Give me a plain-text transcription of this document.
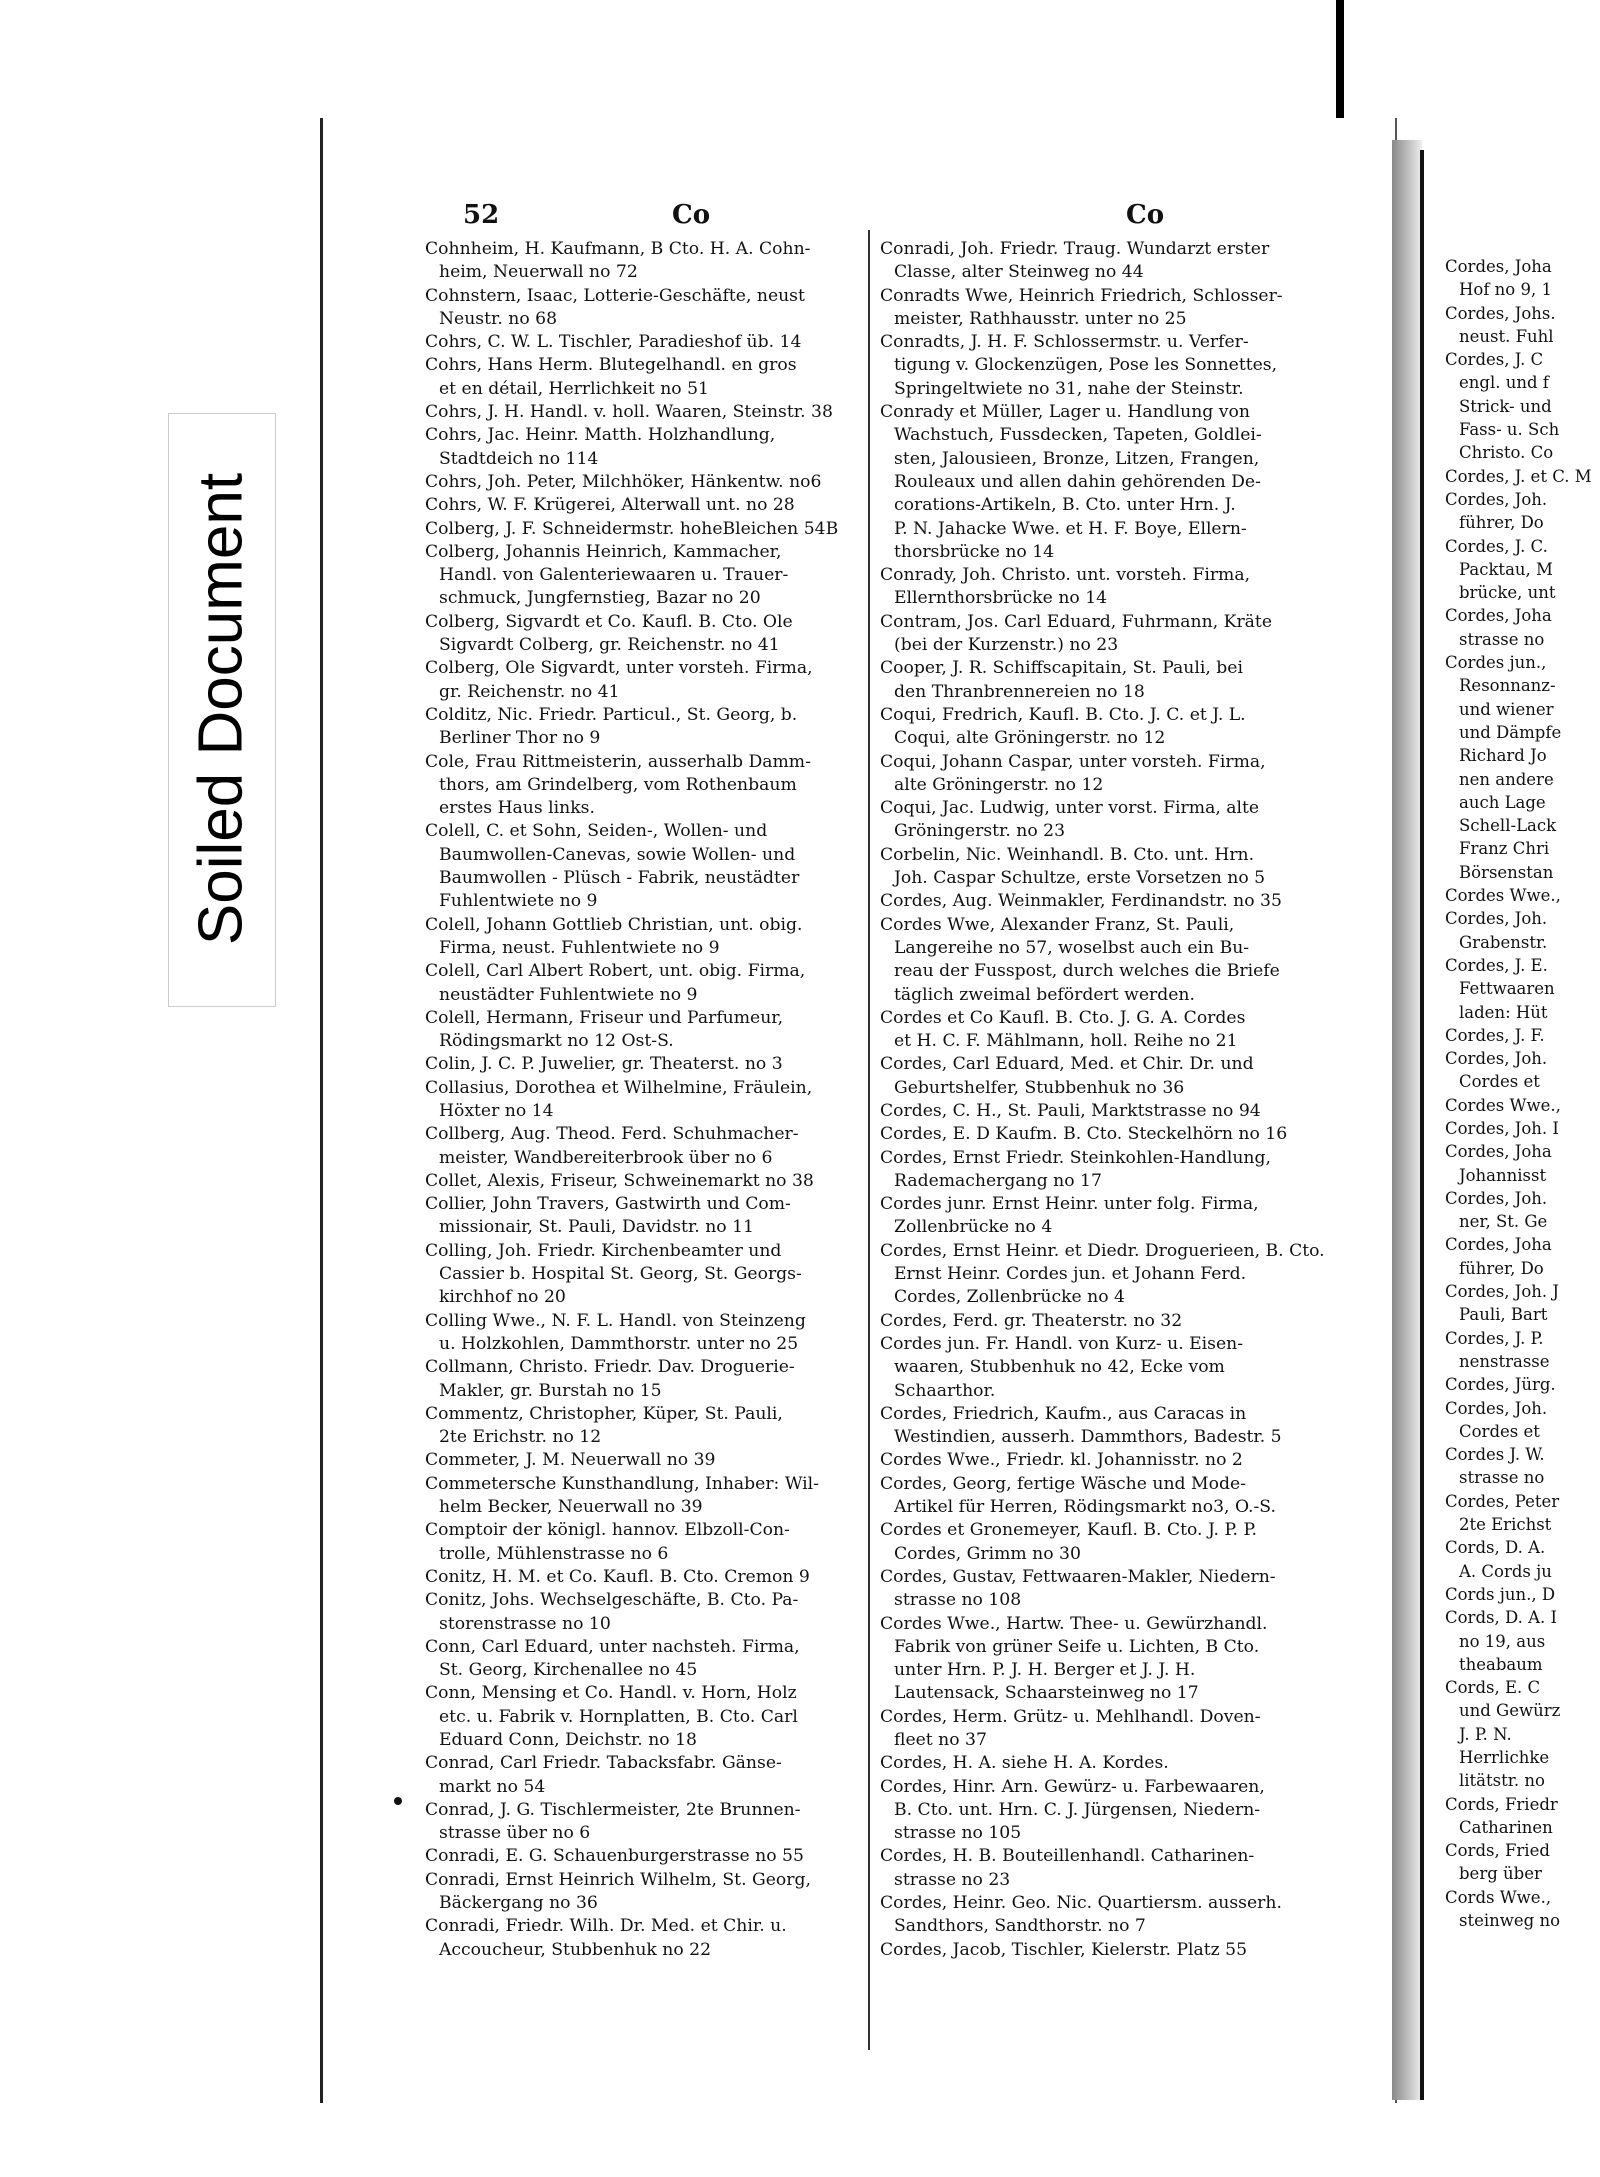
Soiled Document
52	Co	Co

Cohnheim, H. Kaufmann, B Cto. H. A. Cohn-
heim, Neuerwall no 72

Cohnstern, Isaac, Lotterie-Geschäfte, neust
Neustr. no 68

Cohrs, C. W. L. Tischler, Paradieshof üb. 14

Cohrs, Hans Herm. Blutegelhandl. en gros
et en détail, Herrlichkeit no 51

Cohrs, J. H. Handl. v. holl. Waaren, Steinstr. 38

Cohrs, Jac. Heinr. Matth. Holzhandlung,
Stadtdeich no 114

Cohrs, Joh. Peter, Milchhöker, Hänkentw. no6

Cohrs, W. F. Krügerei, Alterwall unt. no 28

Colberg, J. F. Schneidermstr. hoheBleichen 54B

Colberg, Johannis Heinrich, Kammacher,
Handl. von Galenteriewaaren u. Trauer-
schmuck, Jungfernstieg, Bazar no 20

Colberg, Sigvardt et Co. Kaufl. B. Cto. Ole
Sigvardt Colberg, gr. Reichenstr. no 41

Colberg, Ole Sigvardt, unter vorsteh. Firma,
gr. Reichenstr. no 41

Colditz, Nic. Friedr. Particul., St. Georg, b.
Berliner Thor no 9

Cole, Frau Rittmeisterin, ausserhalb Damm-
thors, am Grindelberg, vom Rothenbaum
erstes Haus links.

Colell, C. et Sohn, Seiden-, Wollen- und
Baumwollen-Canevas, sowie Wollen- und
Baumwollen - Plüsch - Fabrik, neustädter
Fuhlentwiete no 9

Colell, Johann Gottlieb Christian, unt. obig.
Firma, neust. Fuhlentwiete no 9

Colell, Carl Albert Robert, unt. obig. Firma,
neustädter Fuhlentwiete no 9

Colell, Hermann, Friseur und Parfumeur,
Rödingsmarkt no 12 Ost-S.

Colin, J. C. P. Juwelier, gr. Theaterst. no 3

Collasius, Dorothea et Wilhelmine, Fräulein,
Höxter no 14

Collberg, Aug. Theod. Ferd. Schuhmacher-
meister, Wandbereiterbrook über no 6

Collet, Alexis, Friseur, Schweinemarkt no 38

Collier, John Travers, Gastwirth und Com-
missionair, St. Pauli, Davidstr. no 11

Colling, Joh. Friedr. Kirchenbeamter und
Cassier b. Hospital St. Georg, St. Georgs-
kirchhof no 20

Colling Wwe., N. F. L. Handl. von Steinzeng
u. Holzkohlen, Dammthorstr. unter no 25

Collmann, Christo. Friedr. Dav. Droguerie-
Makler, gr. Burstah no 15

Commentz, Christopher, Küper, St. Pauli,
2te Erichstr. no 12

Commeter, J. M. Neuerwall no 39

Commetersche Kunsthandlung, Inhaber: Wil-
helm Becker, Neuerwall no 39

Comptoir der königl. hannov. Elbzoll-Con-
trolle, Mühlenstrasse no 6

Conitz, H. M. et Co. Kaufl. B. Cto. Cremon 9

Conitz, Johs. Wechselgeschäfte, B. Cto. Pa-
storenstrasse no 10

Conn, Carl Eduard, unter nachsteh. Firma,
St. Georg, Kirchenallee no 45

Conn, Mensing et Co. Handl. v. Horn, Holz
etc. u. Fabrik v. Hornplatten, B. Cto. Carl
Eduard Conn, Deichstr. no 18

Conrad, Carl Friedr. Tabacksfabr. Gänse-
markt no 54

Conrad, J. G. Tischlermeister, 2te Brunnen-
strasse über no 6

Conradi, E. G. Schauenburgerstrasse no 55

Conradi, Ernst Heinrich Wilhelm, St. Georg,
Bäckergang no 36

Conradi, Friedr. Wilh. Dr. Med. et Chir. u.
Accoucheur, Stubbenhuk no 22

Conradi, Joh. Friedr. Traug. Wundarzt erster
Classe, alter Steinweg no 44

Conradts Wwe, Heinrich Friedrich, Schlosser-
meister, Rathhausstr. unter no 25

Conradts, J. H. F. Schlossermstr. u. Verfer-
tigung v. Glockenzügen, Pose les Sonnettes,
Springeltwiete no 31, nahe der Steinstr.

Conrady et Müller, Lager u. Handlung von
Wachstuch, Fussdecken, Tapeten, Goldlei-
sten, Jalousieen, Bronze, Litzen, Frangen,
Rouleaux und allen dahin gehörenden De-
corations-Artikeln, B. Cto. unter Hrn. J.
P. N. Jahacke Wwe. et H. F. Boye, Ellern-
thorsbrücke no 14

Conrady, Joh. Christo. unt. vorsteh. Firma,
Ellernthorsbrücke no 14

Contram, Jos. Carl Eduard, Fuhrmann, Kräte
(bei der Kurzenstr.) no 23

Cooper, J. R. Schiffscapitain, St. Pauli, bei
den Thranbrennereien no 18

Coqui, Fredrich, Kaufl. B. Cto. J. C. et J. L.
Coqui, alte Gröningerstr. no 12

Coqui, Johann Caspar, unter vorsteh. Firma,
alte Gröningerstr. no 12

Coqui, Jac. Ludwig, unter vorst. Firma, alte
Gröningerstr. no 23

Corbelin, Nic. Weinhandl. B. Cto. unt. Hrn.
Joh. Caspar Schultze, erste Vorsetzen no 5

Cordes, Aug. Weinmakler, Ferdinandstr. no 35

Cordes Wwe, Alexander Franz, St. Pauli,
Langereihe no 57, woselbst auch ein Bu-
reau der Fusspost, durch welches die Briefe
täglich zweimal befördert werden.

Cordes et Co Kaufl. B. Cto. J. G. A. Cordes
et H. C. F. Mählmann, holl. Reihe no 21

Cordes, Carl Eduard, Med. et Chir. Dr. und
Geburtshelfer, Stubbenhuk no 36

Cordes, C. H., St. Pauli, Marktstrasse no 94

Cordes, E. D Kaufm. B. Cto. Steckelhörn no 16

Cordes, Ernst Friedr. Steinkohlen-Handlung,
Rademachergang no 17

Cordes junr. Ernst Heinr. unter folg. Firma,
Zollenbrücke no 4

Cordes, Ernst Heinr. et Diedr. Droguerieen, B. Cto.
Ernst Heinr. Cordes jun. et Johann Ferd.
Cordes, Zollenbrücke no 4

Cordes, Ferd. gr. Theaterstr. no 32

Cordes jun. Fr. Handl. von Kurz- u. Eisen-
waaren, Stubbenhuk no 42, Ecke vom
Schaarthor.

Cordes, Friedrich, Kaufm., aus Caracas in
Westindien, ausserh. Dammthors, Badestr. 5

Cordes Wwe., Friedr. kl. Johannisstr. no 2

Cordes, Georg, fertige Wäsche und Mode-
Artikel für Herren, Rödingsmarkt no3, O.-S.

Cordes et Gronemeyer, Kaufl. B. Cto. J. P. P.
Cordes, Grimm no 30

Cordes, Gustav, Fettwaaren-Makler, Niedern-
strasse no 108

Cordes Wwe., Hartw. Thee- u. Gewürzhandl.
Fabrik von grüner Seife u. Lichten, B Cto.
unter Hrn. P. J. H. Berger et J. J. H.
Lautensack, Schaarsteinweg no 17

Cordes, Herm. Grütz- u. Mehlhandl. Doven-
fleet no 37

Cordes, H. A. siehe H. A. Kordes.

Cordes, Hinr. Arn. Gewürz- u. Farbewaaren,
B. Cto. unt. Hrn. C. J. Jürgensen, Niedern-
strasse no 105

Cordes, H. B. Bouteillenhandl. Catharinen-
strasse no 23

Cordes, Heinr. Geo. Nic. Quartiersm. ausserh.
Sandthors, Sandthorstr. no 7

Cordes, Jacob, Tischler, Kielerstr. Platz 55

Cordes, Joha
Hof no 9, 1

Cordes, Johs.
neust. Fuhl

Cordes, J. C
engl. und f
Strick- und
Fass- u. Sch
Christo. Co

Cordes, J. et C. M

Cordes, Joh.
führer, Do

Cordes, J. C.
Packtau, M
brücke, unt

Cordes, Joha
strasse no

Cordes jun.,
Resonnanz-
und wiener
und Dämpfe
Richard Jo
nen andere
auch Lage
Schell-Lack
Franz Chri
Börsenstan

Cordes Wwe.,

Cordes, Joh.
Grabenstr.

Cordes, J. E.
Fettwaaren
laden: Hüt

Cordes, J. F.

Cordes, Joh.
Cordes et

Cordes Wwe.,

Cordes, Joh. I

Cordes, Joha
Johannisst

Cordes, Joh.
ner, St. Ge

Cordes, Joha
führer, Do

Cordes, Joh. J
Pauli, Bart

Cordes, J. P.
nenstrasse

Cordes, Jürg.

Cordes, Joh.
Cordes et

Cordes J. W.
strasse no

Cordes, Peter
2te Erichst

Cords, D. A.
A. Cords ju

Cords jun., D

Cords, D. A. I
no 19, aus
theabaum

Cords, E. C
und Gewürz
J. P. N.
Herrlichke
litätstr. no

Cords, Friedr
Catharinen

Cords, Fried
berg über

Cords Wwe.,
steinweg no
